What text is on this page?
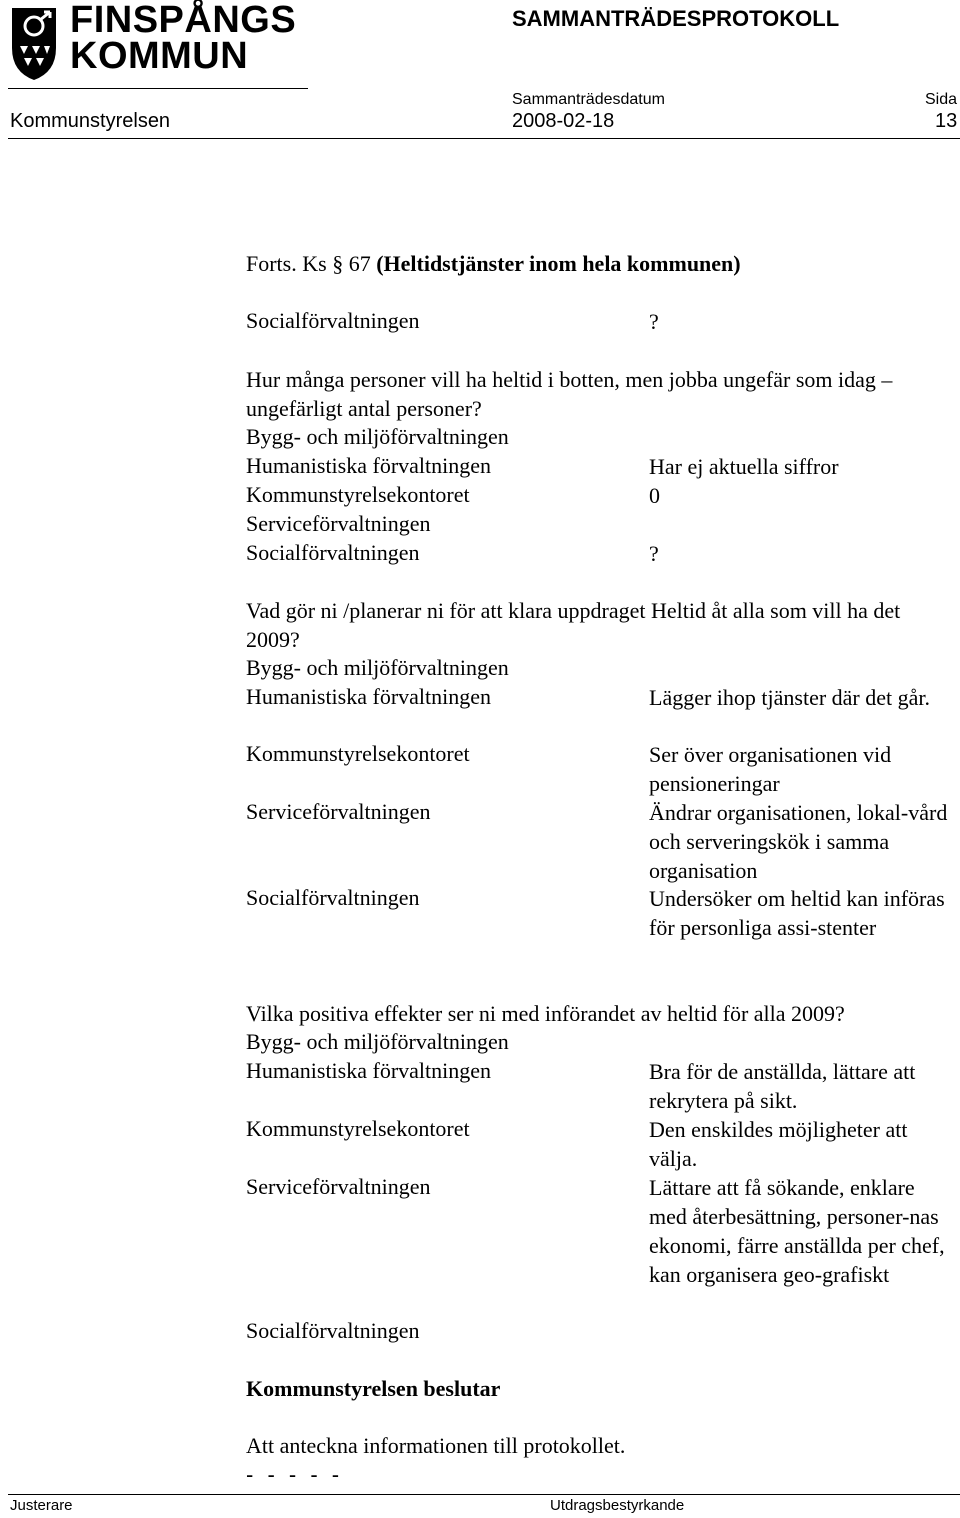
FINSPÅNGS
KOMMUN
SAMMANTRÄDESPROTOKOLL
Sammanträdesdatum	Sida
Kommunstyrelsen	2008-02-18	13
Forts. Ks § 67 (Heltidstjänster inom hela kommunen)
Socialförvaltningen	?
Hur många personer vill ha heltid i botten, men jobba ungefär som idag – ungefärligt antal personer?
Bygg- och miljöförvaltningen
Humanistiska förvaltningen	Har ej aktuella siffror
Kommunstyrelsekontoret	0
Serviceförvaltningen
Socialförvaltningen	?
Vad gör ni /planerar ni för att klara uppdraget Heltid åt alla som vill ha det 2009?
Bygg- och miljöförvaltningen
Humanistiska förvaltningen	Lägger ihop tjänster där det går.
Kommunstyrelsekontoret	Ser över organisationen vid pensioneringar
Serviceförvaltningen	Ändrar organisationen, lokal-vård och serveringskök i samma organisation
Socialförvaltningen	Undersöker om heltid kan införas för personliga assi-stenter
Vilka positiva effekter ser ni med införandet av heltid för alla 2009?
Bygg- och miljöförvaltningen
Humanistiska förvaltningen	Bra för de anställda, lättare att rekrytera på sikt.
Kommunstyrelsekontoret	Den enskildes möjligheter att välja.
Serviceförvaltningen	Lättare att få sökande, enklare med återbesättning, personer-nas ekonomi, färre anställda per chef, kan organisera geo-grafiskt
Socialförvaltningen
Kommunstyrelsen beslutar
Att anteckna informationen till protokollet.
- - - - -
Justerare	Utdragsbestyrkande
